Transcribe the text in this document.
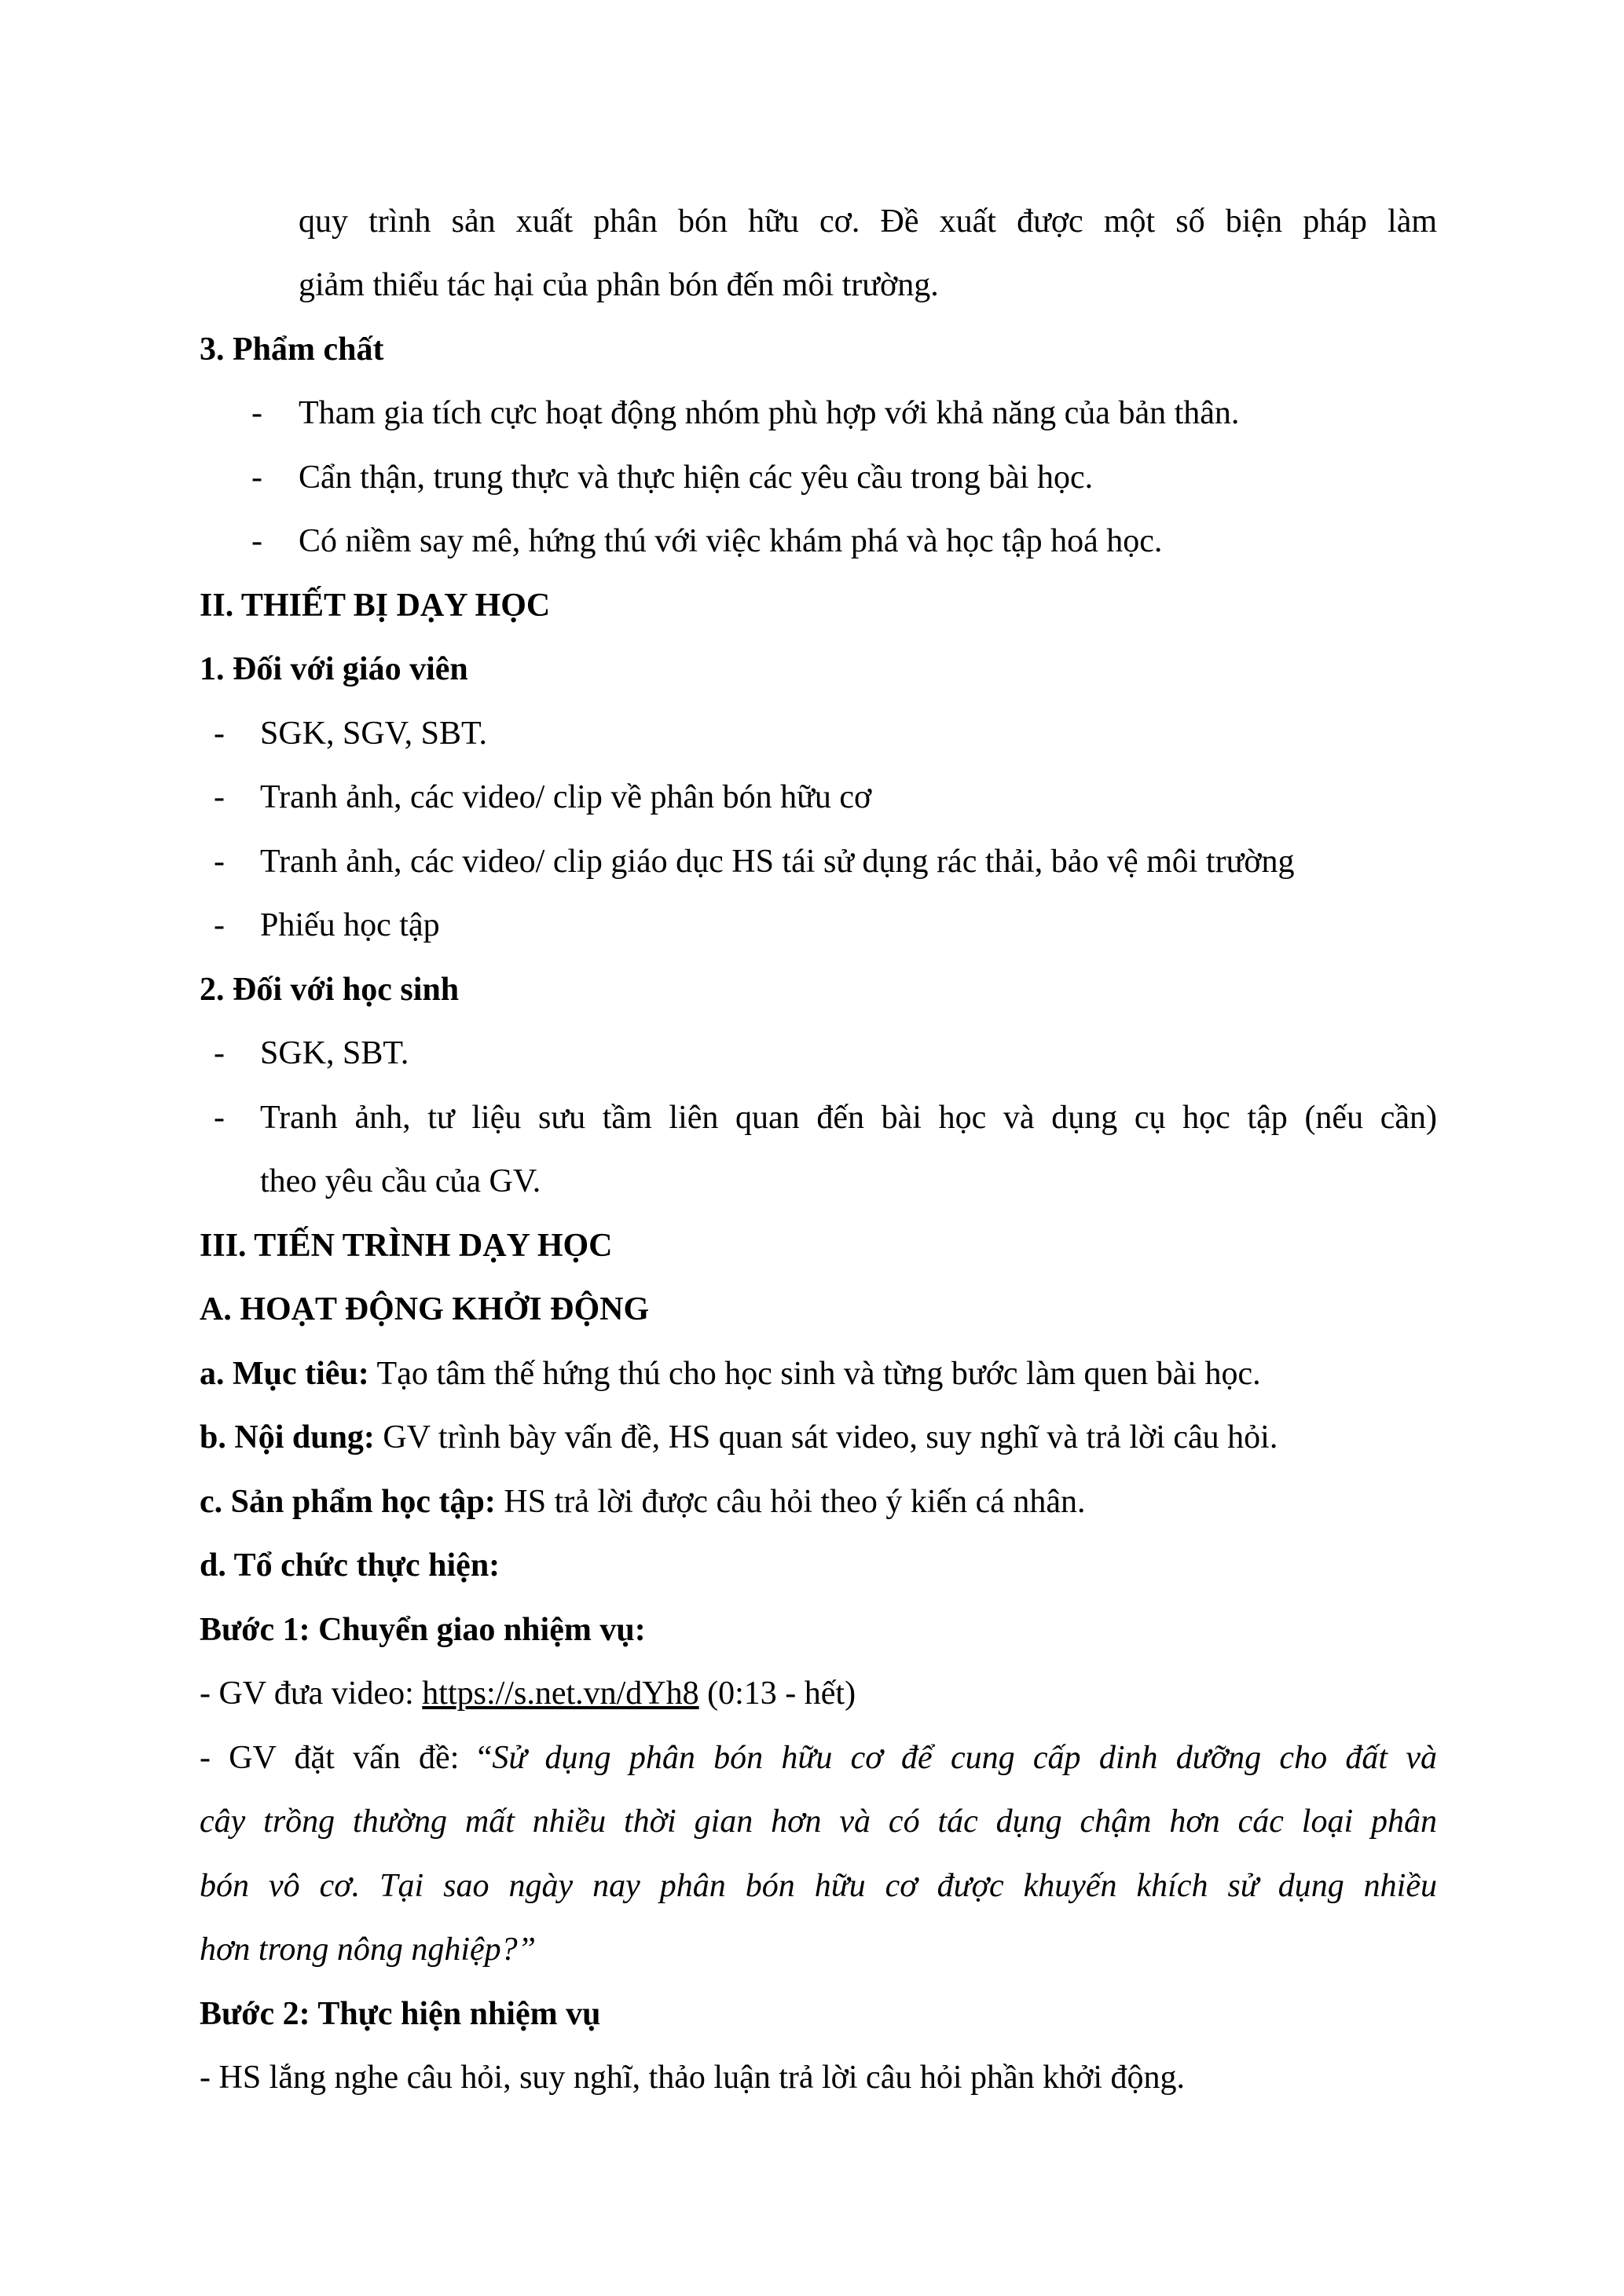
quy trình sản xuất phân bón hữu cơ. Đề xuất được một số biện pháp làm
giảm thiểu tác hại của phân bón đến môi trường.
3. Phẩm chất
- Tham gia tích cực hoạt động nhóm phù hợp với khả năng của bản thân.
- Cẩn thận, trung thực và thực hiện các yêu cầu trong bài học.
- Có niềm say mê, hứng thú với việc khám phá và học tập hoá học.
II. THIẾT BỊ DẠY HỌC
1. Đối với giáo viên
- SGK, SGV, SBT.
- Tranh ảnh, các video/ clip về phân bón hữu cơ
- Tranh ảnh, các video/ clip giáo dục HS tái sử dụng rác thải, bảo vệ môi trường
- Phiếu học tập
2. Đối với học sinh
- SGK, SBT.
- Tranh ảnh, tư liệu sưu tầm liên quan đến bài học và dụng cụ học tập (nếu cần)
theo yêu cầu của GV.
III. TIẾN TRÌNH DẠY HỌC
A. HOẠT ĐỘNG KHỞI ĐỘNG
a. Mục tiêu: Tạo tâm thế hứng thú cho học sinh và từng bước làm quen bài học.
b. Nội dung: GV trình bày vấn đề, HS quan sát video, suy nghĩ và trả lời câu hỏi.
c. Sản phẩm học tập: HS trả lời được câu hỏi theo ý kiến cá nhân.
d. Tổ chức thực hiện:
Bước 1: Chuyển giao nhiệm vụ:
- GV đưa video: https://s.net.vn/dYh8 (0:13 - hết)
- GV đặt vấn đề: “Sử dụng phân bón hữu cơ để cung cấp dinh dưỡng cho đất và
cây trồng thường mất nhiều thời gian hơn và có tác dụng chậm hơn các loại phân
bón vô cơ. Tại sao ngày nay phân bón hữu cơ được khuyến khích sử dụng nhiều
hơn trong nông nghiệp?”
Bước 2: Thực hiện nhiệm vụ
- HS lắng nghe câu hỏi, suy nghĩ, thảo luận trả lời câu hỏi phần khởi động.
